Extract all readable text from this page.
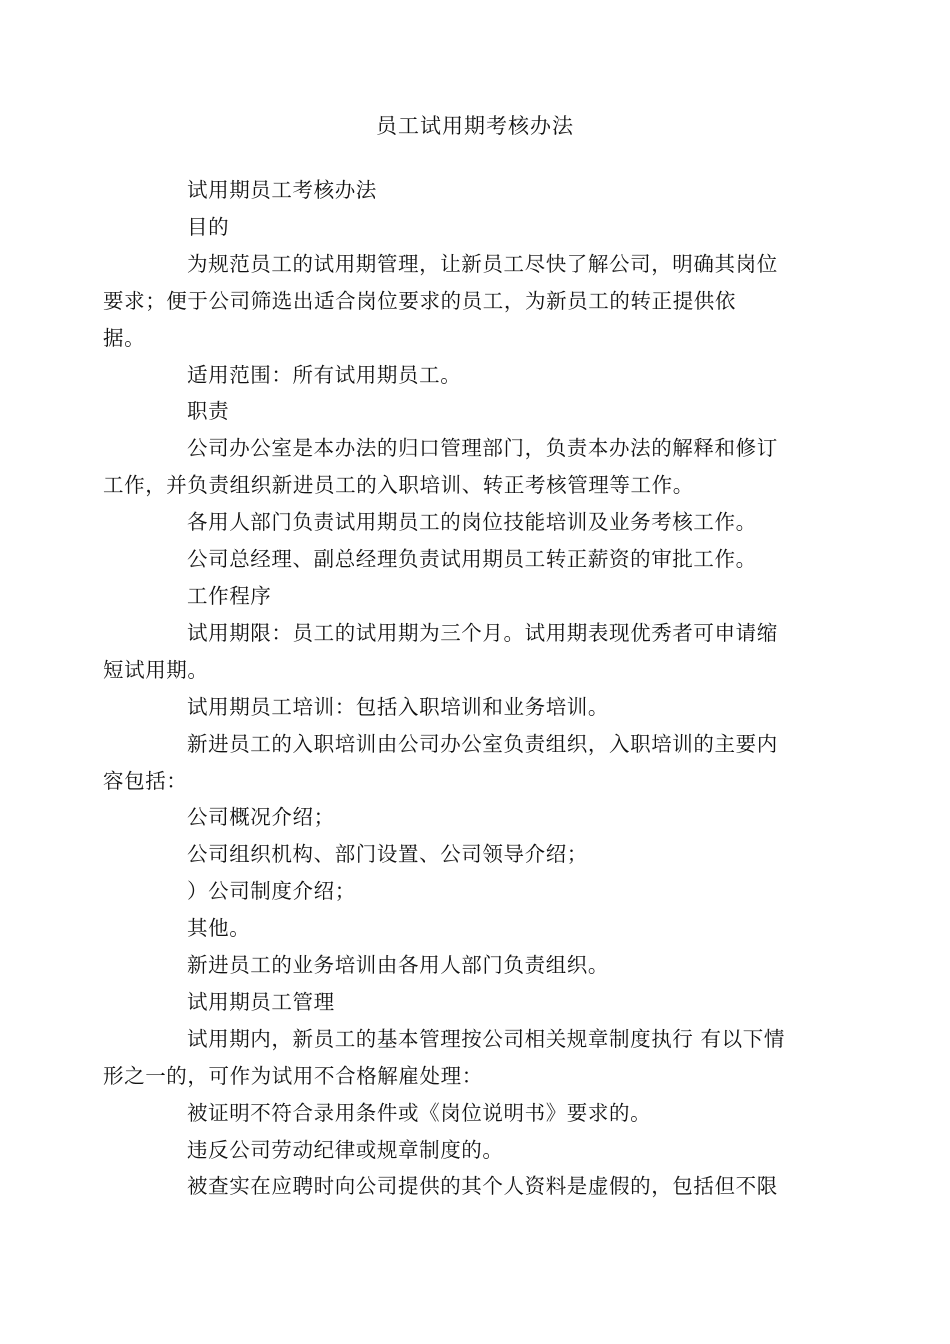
员工试用期考核办法

试用期员工考核办法

目的

为规范员工的试用期管理，让新员工尽快了解公司，明确其岗位
要求；便于公司筛选出适合岗位要求的员工，为新员工的转正提供依
据。

适用范围：所有试用期员工。

职责

公司办公室是本办法的归口管理部门，负责本办法的解释和修订
工作，并负责组织新进员工的入职培训、转正考核管理等工作。

各用人部门负责试用期员工的岗位技能培训及业务考核工作。

公司总经理、副总经理负责试用期员工转正薪资的审批工作。

工作程序

试用期限：员工的试用期为三个月。试用期表现优秀者可申请缩
短试用期。

试用期员工培训：包括入职培训和业务培训。

新进员工的入职培训由公司办公室负责组织，入职培训的主要内
容包括：

公司概况介绍；

公司组织机构、部门设置、公司领导介绍；

）公司制度介绍；

其他。

新进员工的业务培训由各用人部门负责组织。

试用期员工管理

试用期内，新员工的基本管理按公司相关规章制度执行 有以下情
形之一的，可作为试用不合格解雇处理：

被证明不符合录用条件或《岗位说明书》要求的。

违反公司劳动纪律或规章制度的。

被查实在应聘时向公司提供的其个人资料是虚假的，包括但不限
